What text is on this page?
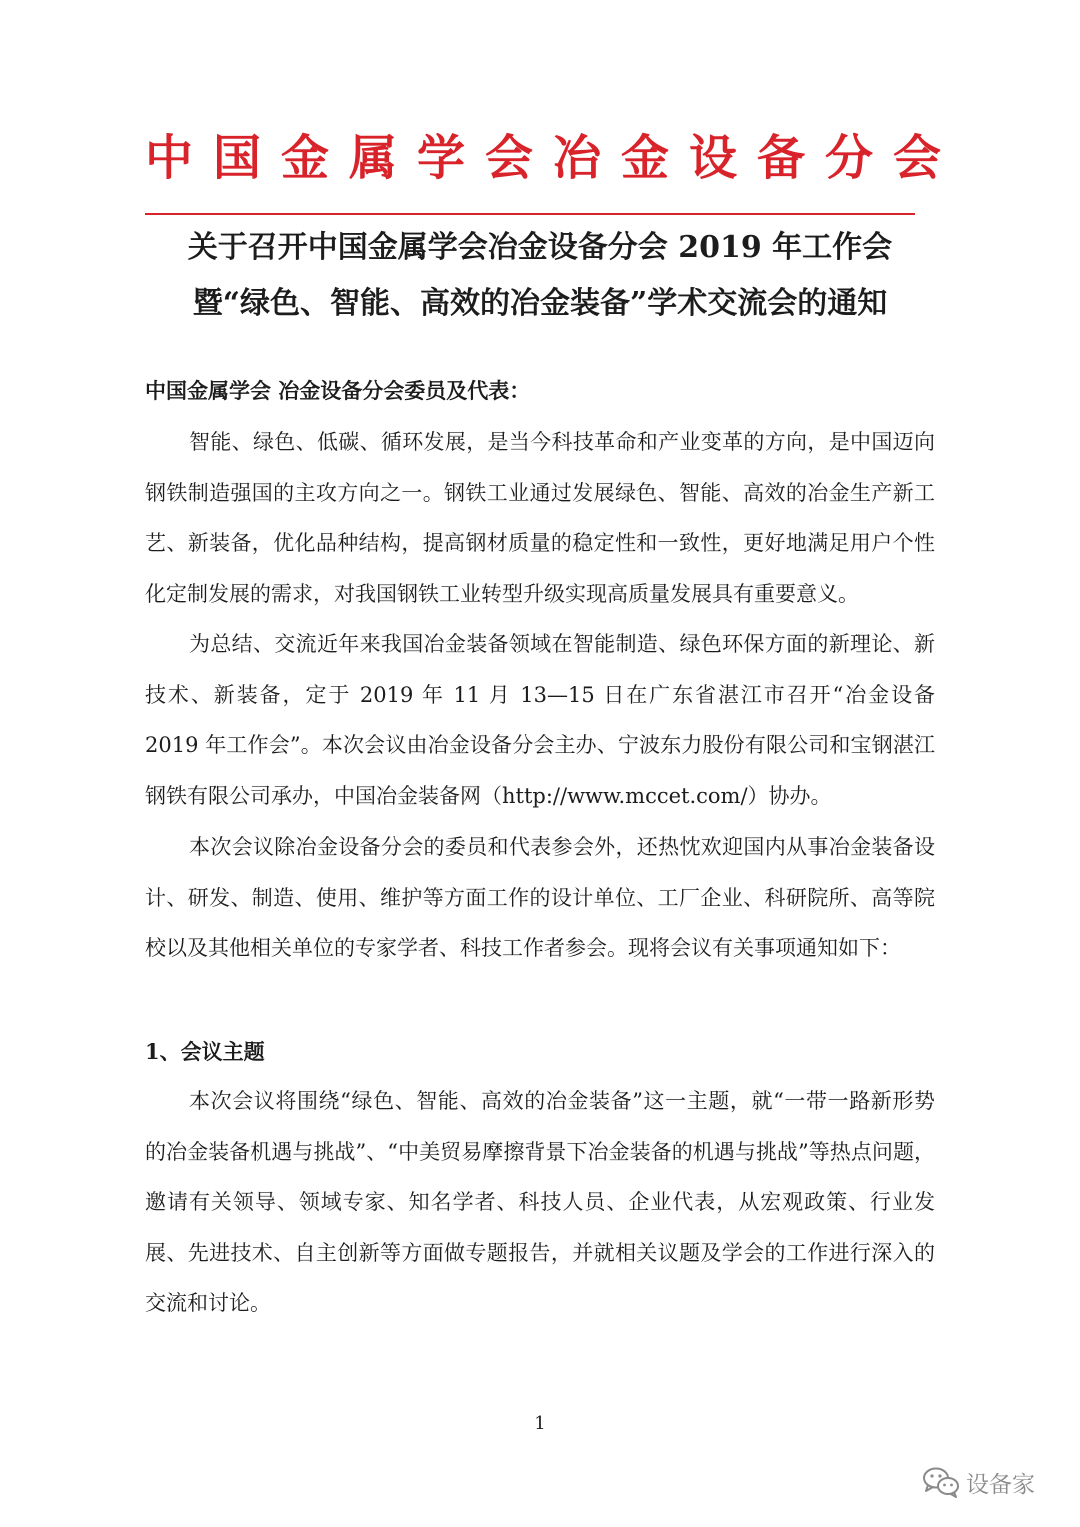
中国金属学会冶金设备分会
关于召开中国金属学会冶金设备分会 2019 年工作会
暨“绿色、智能、高效的冶金装备”学术交流会的通知
中国金属学会 冶金设备分会委员及代表：

智能、绿色、低碳、循环发展，是当今科技革命和产业变革的方向，是中国迈向钢铁制造强国的主攻方向之一。钢铁工业通过发展绿色、智能、高效的冶金生产新工艺、新装备，优化品种结构，提高钢材质量的稳定性和一致性，更好地满足用户个性化定制发展的需求，对我国钢铁工业转型升级实现高质量发展具有重要意义。

为总结、交流近年来我国冶金装备领域在智能制造、绿色环保方面的新理论、新技术、新装备，定于 2019 年 11 月 13—15 日在广东省湛江市召开“冶金设备 2019 年工作会”。本次会议由冶金设备分会主办、宁波东力股份有限公司和宝钢湛江钢铁有限公司承办，中国冶金装备网（http://www.mccet.com/）协办。

本次会议除冶金设备分会的委员和代表参会外，还热忱欢迎国内从事冶金装备设计、研发、制造、使用、维护等方面工作的设计单位、工厂企业、科研院所、高等院校以及其他相关单位的专家学者、科技工作者参会。现将会议有关事项通知如下：

1、会议主题

本次会议将围绕“绿色、智能、高效的冶金装备”这一主题，就“一带一路新形势的冶金装备机遇与挑战”、“中美贸易摩擦背景下冶金装备的机遇与挑战”等热点问题，邀请有关领导、领域专家、知名学者、科技人员、企业代表，从宏观政策、行业发展、先进技术、自主创新等方面做专题报告，并就相关议题及学会的工作进行深入的交流和讨论。

1
设备家
